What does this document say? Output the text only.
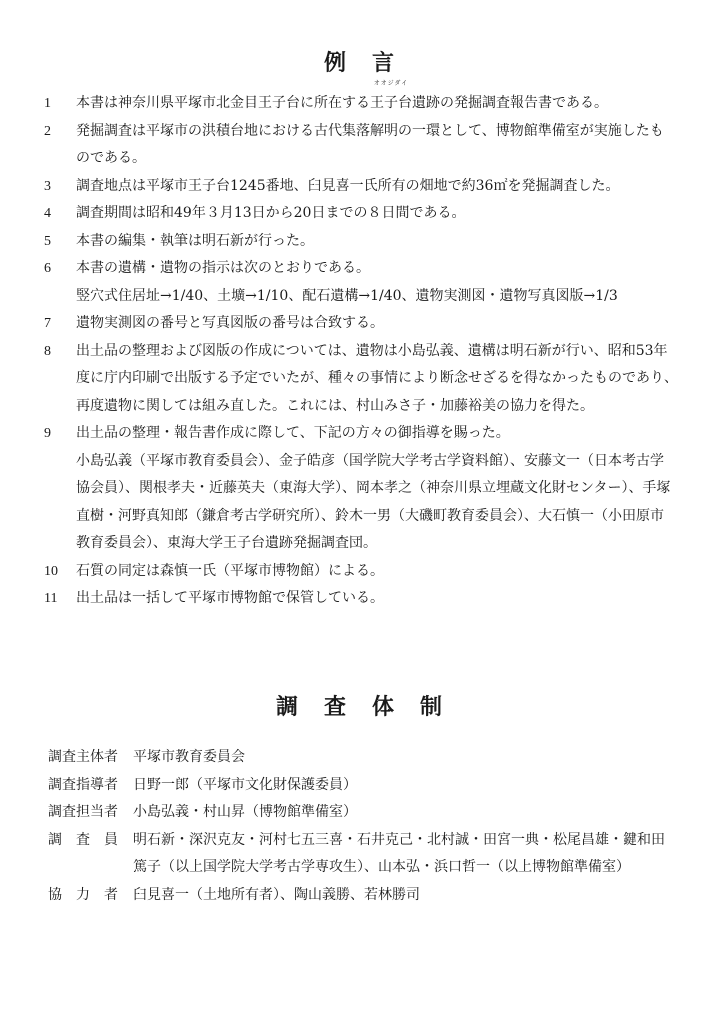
例　言
1	本書は神奈川県平塚市北金目王子台に所在する
オオジダイ
王子台遺跡の発掘調査報告書である。
2	発掘調査は平塚市の洪積台地における古代集落解明の一環として、博物館準備室が実施したも
のである。
3	調査地点は平塚市王子台1245番地、臼見喜一氏所有の畑地で約36㎡を発掘調査した。
4	調査期間は昭和49年３月13日から20日までの８日間である。
5	本書の編集・執筆は明石新が行った。
6	本書の遺構・遺物の指示は次のとおりである。
竪穴式住居址→1/40、土壙→1/10、配石遺構→1/40、遺物実測図・遺物写真図版→1/3
7	遺物実測図の番号と写真図版の番号は合致する。
8	出土品の整理および図版の作成については、遺物は小島弘義、遺構は明石新が行い、昭和53年
度に庁内印刷で出版する予定でいたが、種々の事情により断念せざるを得なかったものであり、
再度遺物に関しては組み直した。これには、村山みさ子・加藤裕美の協力を得た。
9	出土品の整理・報告書作成に際して、下記の方々の御指導を賜った。
小島弘義（平塚市教育委員会）、金子皓彦（国学院大学考古学資料館）、安藤文一（日本考古学
協会員）、関根孝夫・近藤英夫（東海大学）、岡本孝之（神奈川県立埋蔵文化財センター）、手塚
直樹・河野真知郎（鎌倉考古学研究所）、鈴木一男（大磯町教育委員会）、大石慎一（小田原市
教育委員会）、東海大学王子台遺跡発掘調査団。
10	石質の同定は森慎一氏（平塚市博物館）による。
11	出土品は一括して平塚市博物館で保管している。
調　査　体　制
調査主体者	平塚市教育委員会
調査指導者	日野一郎（平塚市文化財保護委員）
調査担当者	小島弘義・村山昇（博物館準備室）
調　査　員	明石新・深沢克友・河村七五三喜・石井克己・北村誠・田宮一典・松尾昌雄・鍵和田
篤子（以上国学院大学考古学専攻生）、山本弘・浜口哲一（以上博物館準備室）
協　力　者	臼見喜一（土地所有者）、陶山義勝、若林勝司
